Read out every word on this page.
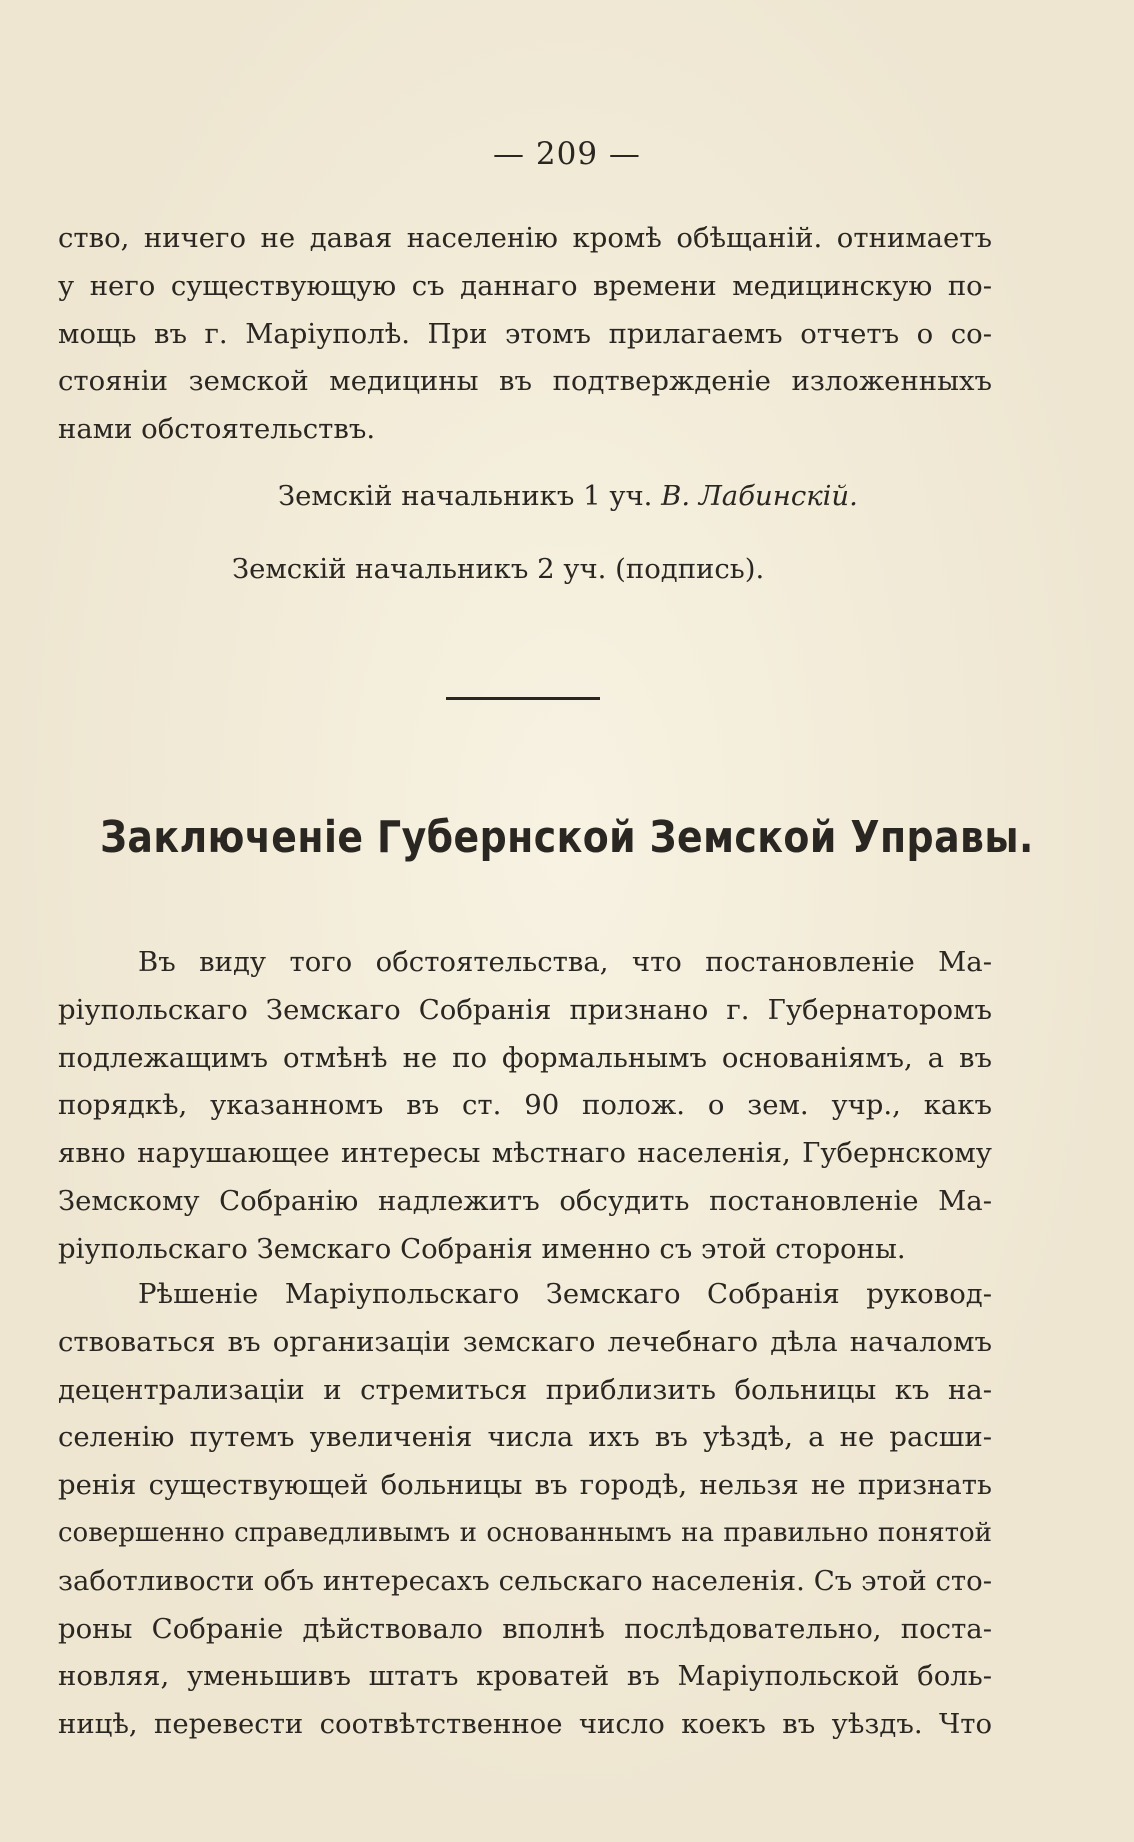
— 209 —
ство, ничего не давая населенію кромѣ обѣщаній. отнимаетъ
у него существующую съ даннаго времени медицинскую по-
мощь въ г. Маріуполѣ. При этомъ прилагаемъ отчетъ о со-
стояніи земской медицины въ подтвержденіе изложенныхъ
нами обстоятельствъ.
Земскій начальникъ 1 уч. В. Лабинскій.
Земскій начальникъ 2 уч. (подпись).
Заключеніе Губернской Земской Управы.
Въ виду того обстоятельства, что постановленіе Ма-
ріупольскаго Земскаго Собранія признано г. Губернаторомъ
подлежащимъ отмѣнѣ не по формальнымъ основаніямъ, а въ
порядкѣ, указанномъ въ ст. 90 полож. о зем. учр., какъ
явно нарушающее интересы мѣстнаго населенія, Губернскому
Земскому Собранію надлежитъ обсудить постановленіе Ма-
ріупольскаго Земскаго Собранія именно съ этой стороны.
Рѣшеніе Маріупольскаго Земскаго Собранія руковод-
ствоваться въ организаціи земскаго лечебнаго дѣла началомъ
децентрализаціи и стремиться приблизить больницы къ на-
селенію путемъ увеличенія числа ихъ въ уѣздѣ, а не расши-
ренія существующей больницы въ городѣ, нельзя не признать
совершенно справедливымъ и основаннымъ на правильно понятой
заботливости объ интересахъ сельскаго населенія. Съ этой сто-
роны Собраніе дѣйствовало вполнѣ послѣдовательно, поста-
новляя, уменьшивъ штатъ кроватей въ Маріупольской боль-
ницѣ, перевести соотвѣтственное число коекъ въ уѣздъ. Что
